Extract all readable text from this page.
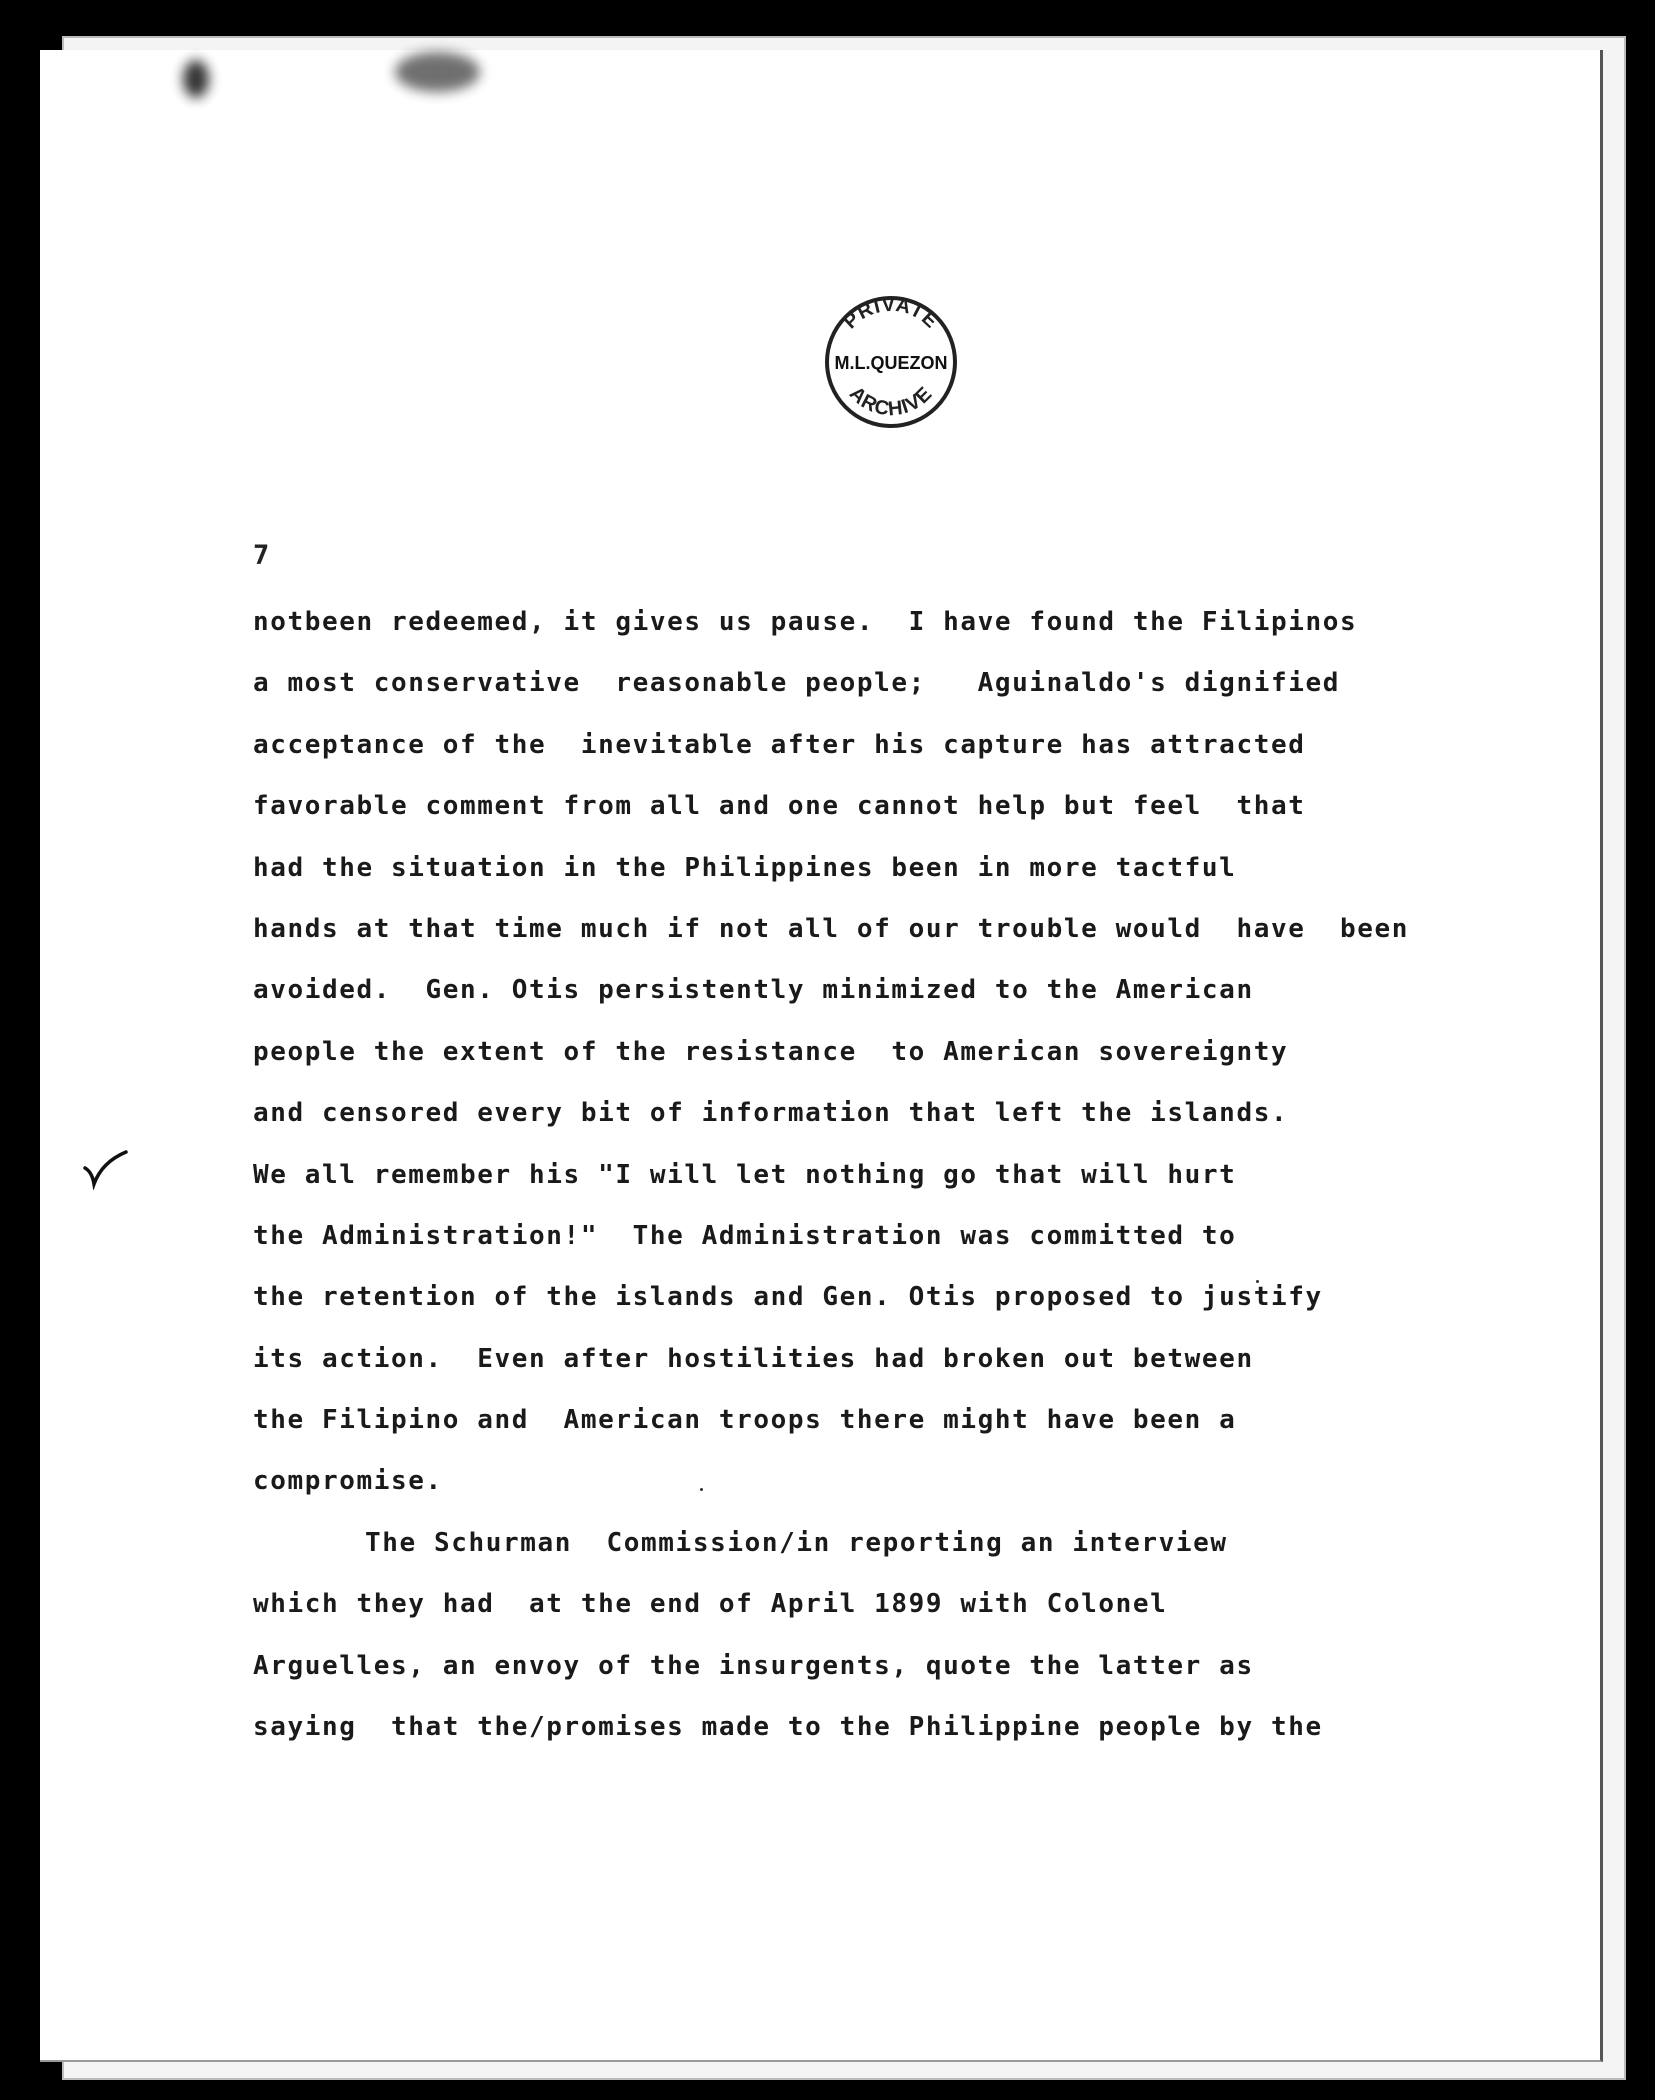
PRIVATE
M.L.QUEZON
ARCHIVE
7
notbeen redeemed, it gives us pause.  I have found the Filipinos
a most conservative  reasonable people;   Aguinaldo's dignified
acceptance of the  inevitable after his capture has attracted
favorable comment from all and one cannot help but feel  that
had the situation in the Philippines been in more tactful
hands at that time much if not all of our trouble would  have  been
avoided.  Gen. Otis persistently minimized to the American
people the extent of the resistance  to American sovereignty
and censored every bit of information that left the islands.
We all remember his "I will let nothing go that will hurt
the Administration!"  The Administration was committed to
the retention of the islands and Gen. Otis proposed to justify
its action.  Even after hostilities had broken out between
the Filipino and  American troops there might have been a
compromise.
The Schurman  Commission/in reporting an interview
which they had  at the end of April 1899 with Colonel
Arguelles, an envoy of the insurgents, quote the latter as
saying  that the/promises made to the Philippine people by the
